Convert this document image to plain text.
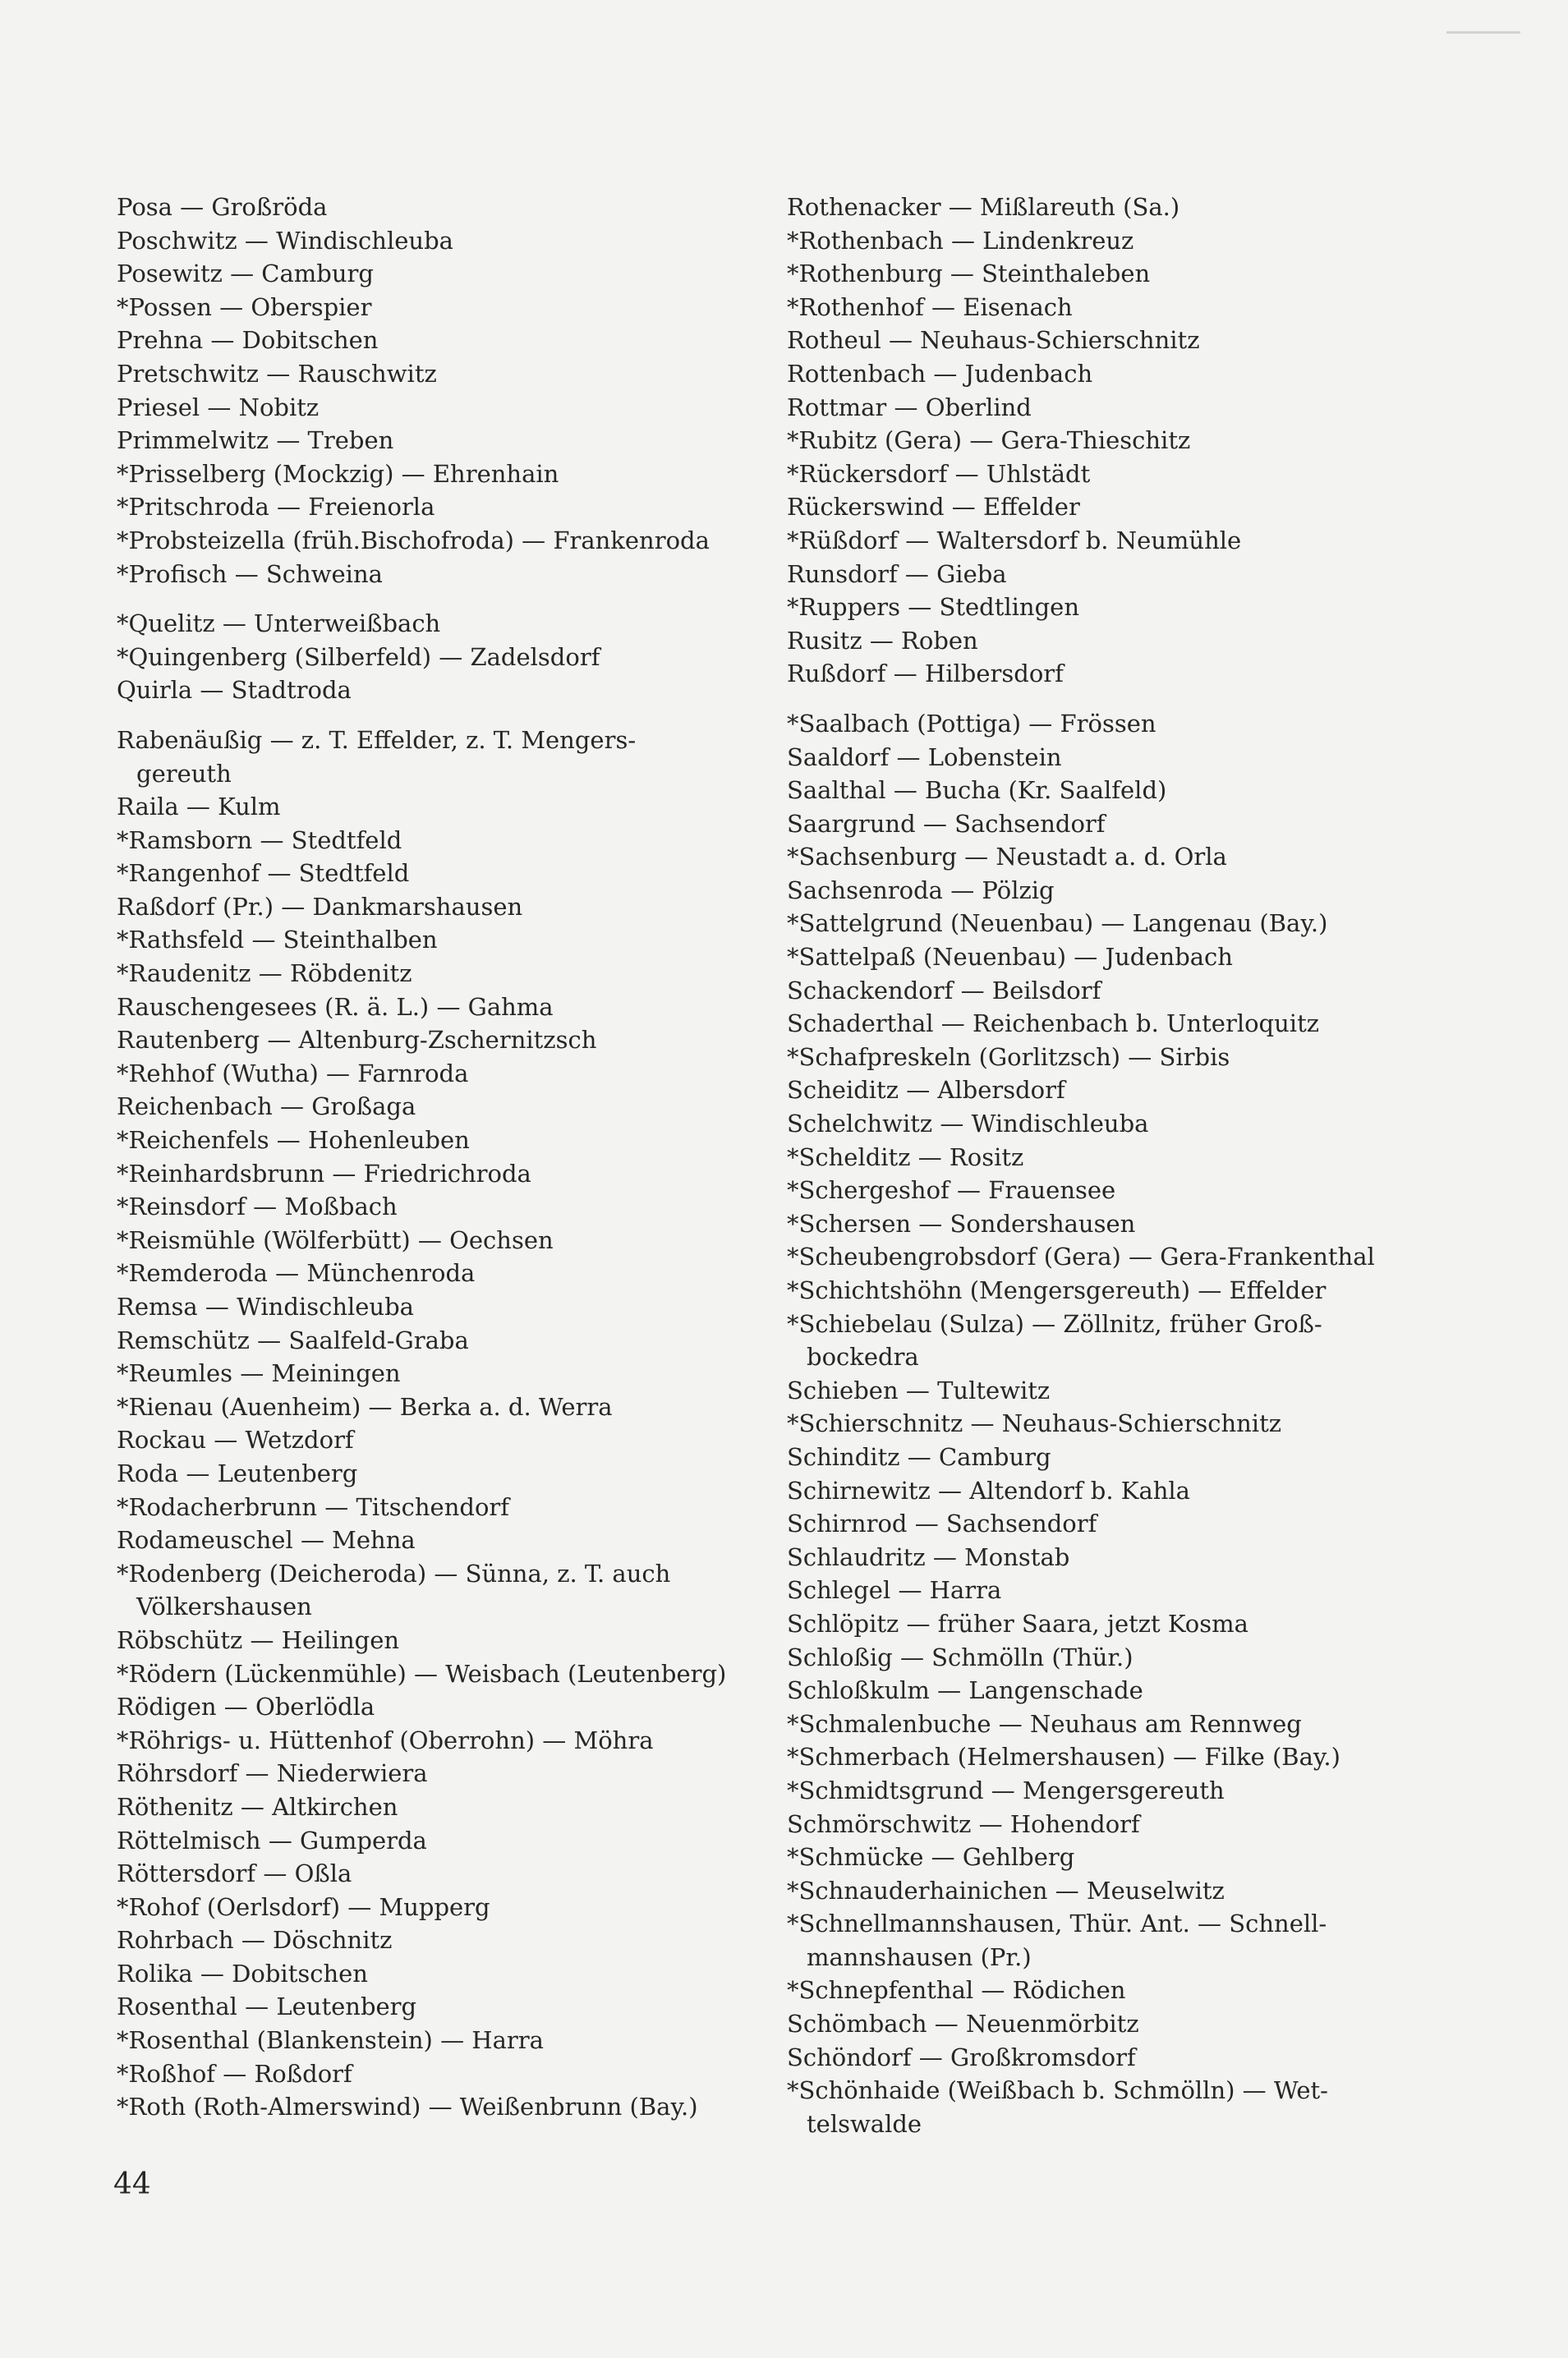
Posa — Großröda
Poschwitz — Windischleuba
Posewitz — Camburg
*Possen — Oberspier
Prehna — Dobitschen
Pretschwitz — Rauschwitz
Priesel — Nobitz
Primmelwitz — Treben
*Prisselberg (Mockzig) — Ehrenhain
*Pritschroda — Freienorla
*Probsteizella (früh.Bischofroda) — Frankenroda
*Profisch — Schweina
*Quelitz — Unterweißbach
*Quingenberg (Silberfeld) — Zadelsdorf
Quirla — Stadtroda
Rabenäußig — z. T. Effelder, z. T. Mengers-
gereuth
Raila — Kulm
*Ramsborn — Stedtfeld
*Rangenhof — Stedtfeld
Raßdorf (Pr.) — Dankmarshausen
*Rathsfeld — Steinthalben
*Raudenitz — Röbdenitz
Rauschengesees (R. ä. L.) — Gahma
Rautenberg — Altenburg-Zschernitzsch
*Rehhof (Wutha) — Farnroda
Reichenbach — Großaga
*Reichenfels — Hohenleuben
*Reinhardsbrunn — Friedrichroda
*Reinsdorf — Moßbach
*Reismühle (Wölferbütt) — Oechsen
*Remderoda — Münchenroda
Remsa — Windischleuba
Remschütz — Saalfeld-Graba
*Reumles — Meiningen
*Rienau (Auenheim) — Berka a. d. Werra
Rockau — Wetzdorf
Roda — Leutenberg
*Rodacherbrunn — Titschendorf
Rodameuschel — Mehna
*Rodenberg (Deicheroda) — Sünna, z. T. auch
Völkershausen
Röbschütz — Heilingen
*Rödern (Lückenmühle) — Weisbach (Leutenberg)
Rödigen — Oberlödla
*Röhrigs- u. Hüttenhof (Oberrohn) — Möhra
Röhrsdorf — Niederwiera
Röthenitz — Altkirchen
Röttelmisch — Gumperda
Röttersdorf — Oßla
*Rohof (Oerlsdorf) — Mupperg
Rohrbach — Döschnitz
Rolika — Dobitschen
Rosenthal — Leutenberg
*Rosenthal (Blankenstein) — Harra
*Roßhof — Roßdorf
*Roth (Roth-Almerswind) — Weißenbrunn (Bay.)
Rothenacker — Mißlareuth (Sa.)
*Rothenbach — Lindenkreuz
*Rothenburg — Steinthaleben
*Rothenhof — Eisenach
Rotheul — Neuhaus-Schierschnitz
Rottenbach — Judenbach
Rottmar — Oberlind
*Rubitz (Gera) — Gera-Thieschitz
*Rückersdorf — Uhlstädt
Rückerswind — Effelder
*Rüßdorf — Waltersdorf b. Neumühle
Runsdorf — Gieba
*Ruppers — Stedtlingen
Rusitz — Roben
Rußdorf — Hilbersdorf
*Saalbach (Pottiga) — Frössen
Saaldorf — Lobenstein
Saalthal — Bucha (Kr. Saalfeld)
Saargrund — Sachsendorf
*Sachsenburg — Neustadt a. d. Orla
Sachsenroda — Pölzig
*Sattelgrund (Neuenbau) — Langenau (Bay.)
*Sattelpaß (Neuenbau) — Judenbach
Schackendorf — Beilsdorf
Schaderthal — Reichenbach b. Unterloquitz
*Schafpreskeln (Gorlitzsch) — Sirbis
Scheiditz — Albersdorf
Schelchwitz — Windischleuba
*Schelditz — Rositz
*Schergeshof — Frauensee
*Schersen — Sondershausen
*Scheubengrobsdorf (Gera) — Gera-Frankenthal
*Schichtshöhn (Mengersgereuth) — Effelder
*Schiebelau (Sulza) — Zöllnitz, früher Groß-
bockedra
Schieben — Tultewitz
*Schierschnitz — Neuhaus-Schierschnitz
Schinditz — Camburg
Schirnewitz — Altendorf b. Kahla
Schirnrod — Sachsendorf
Schlaudritz — Monstab
Schlegel — Harra
Schlöpitz — früher Saara, jetzt Kosma
Schloßig — Schmölln (Thür.)
Schloßkulm — Langenschade
*Schmalenbuche — Neuhaus am Rennweg
*Schmerbach (Helmershausen) — Filke (Bay.)
*Schmidtsgrund — Mengersgereuth
Schmörschwitz — Hohendorf
*Schmücke — Gehlberg
*Schnauderhainichen — Meuselwitz
*Schnellmannshausen, Thür. Ant. — Schnell-
mannshausen (Pr.)
*Schnepfenthal — Rödichen
Schömbach — Neuenmörbitz
Schöndorf — Großkromsdorf
*Schönhaide (Weißbach b. Schmölln) — Wet-
telswalde
44
